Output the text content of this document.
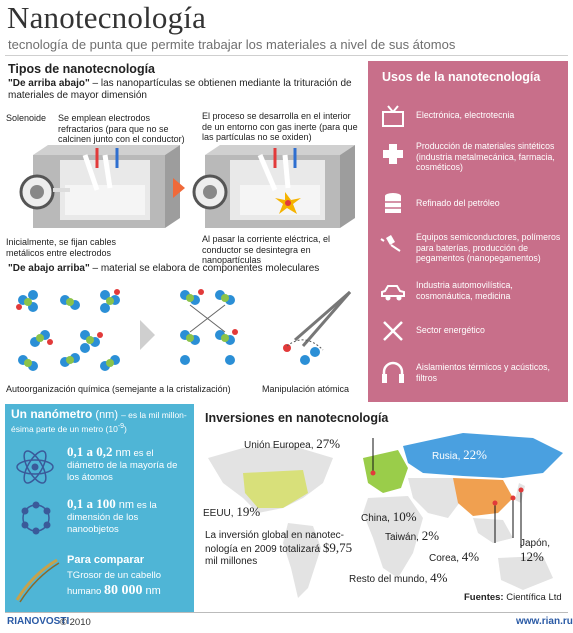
Nanotecnología
tecnología de punta que permite trabajar los materiales a nivel de sus átomos
Tipos de nanotecnología
"De arriba abajo" – las nanopartículas se obtienen mediante la trituración de
materiales de mayor dimensión
Solenoide Se emplean electrodos refractarios (para que no se calcinen junto con el conductor)
El proceso se desarrolla en el interior de un entorno con gas inerte (para que las partículas no se oxiden)
Inicialmente, se fijan cables metálicos entre electrodos
Al pasar la corriente eléctrica, el conductor se desintegra en nanopartículas
"De abajo arriba" – material se elabora de componentes moleculares
Autoorganización química (semejante a la cristalización)	Manipulación atómica
Usos de la nanotecnología
Electrónica, electrotecnia
Producción de materiales sintéticos (industria metalmecánica, farmacia, cosméticos)
Refinado del petróleo
Equipos semiconductores, polímeros para baterías, producción de pegamentos (nanopegamentos)
Industria automovilística, cosmonáutica, medicina
Sector energético
Aislamientos térmicos y acústicos, filtros
Un nanómetro (nm) – es la mil millon-
ésima parte de un metro $(10^{-9})$
0,1 a 0,2 nm es el
diámetro de la mayoría de los átomos
0,1 a 100 nm es la
dimensión de los nanoobjetos
Para comparar
TGrosor de un cabello
humano 80 000 nm
Inversiones en nanotecnología
Unión Europea, 27%
Rusia, 22%
EEUU, 19%	China, 10%
Taiwán, 2%
Corea, 4%
Japón,
12%
Resto del mundo, 4%
La inversión global en nanotec-
nología en 2009 totalizará $9,75
mil millones
Fuentes: Científica Ltd
RIANOVOSTI
© 2010	www.rian.ru
